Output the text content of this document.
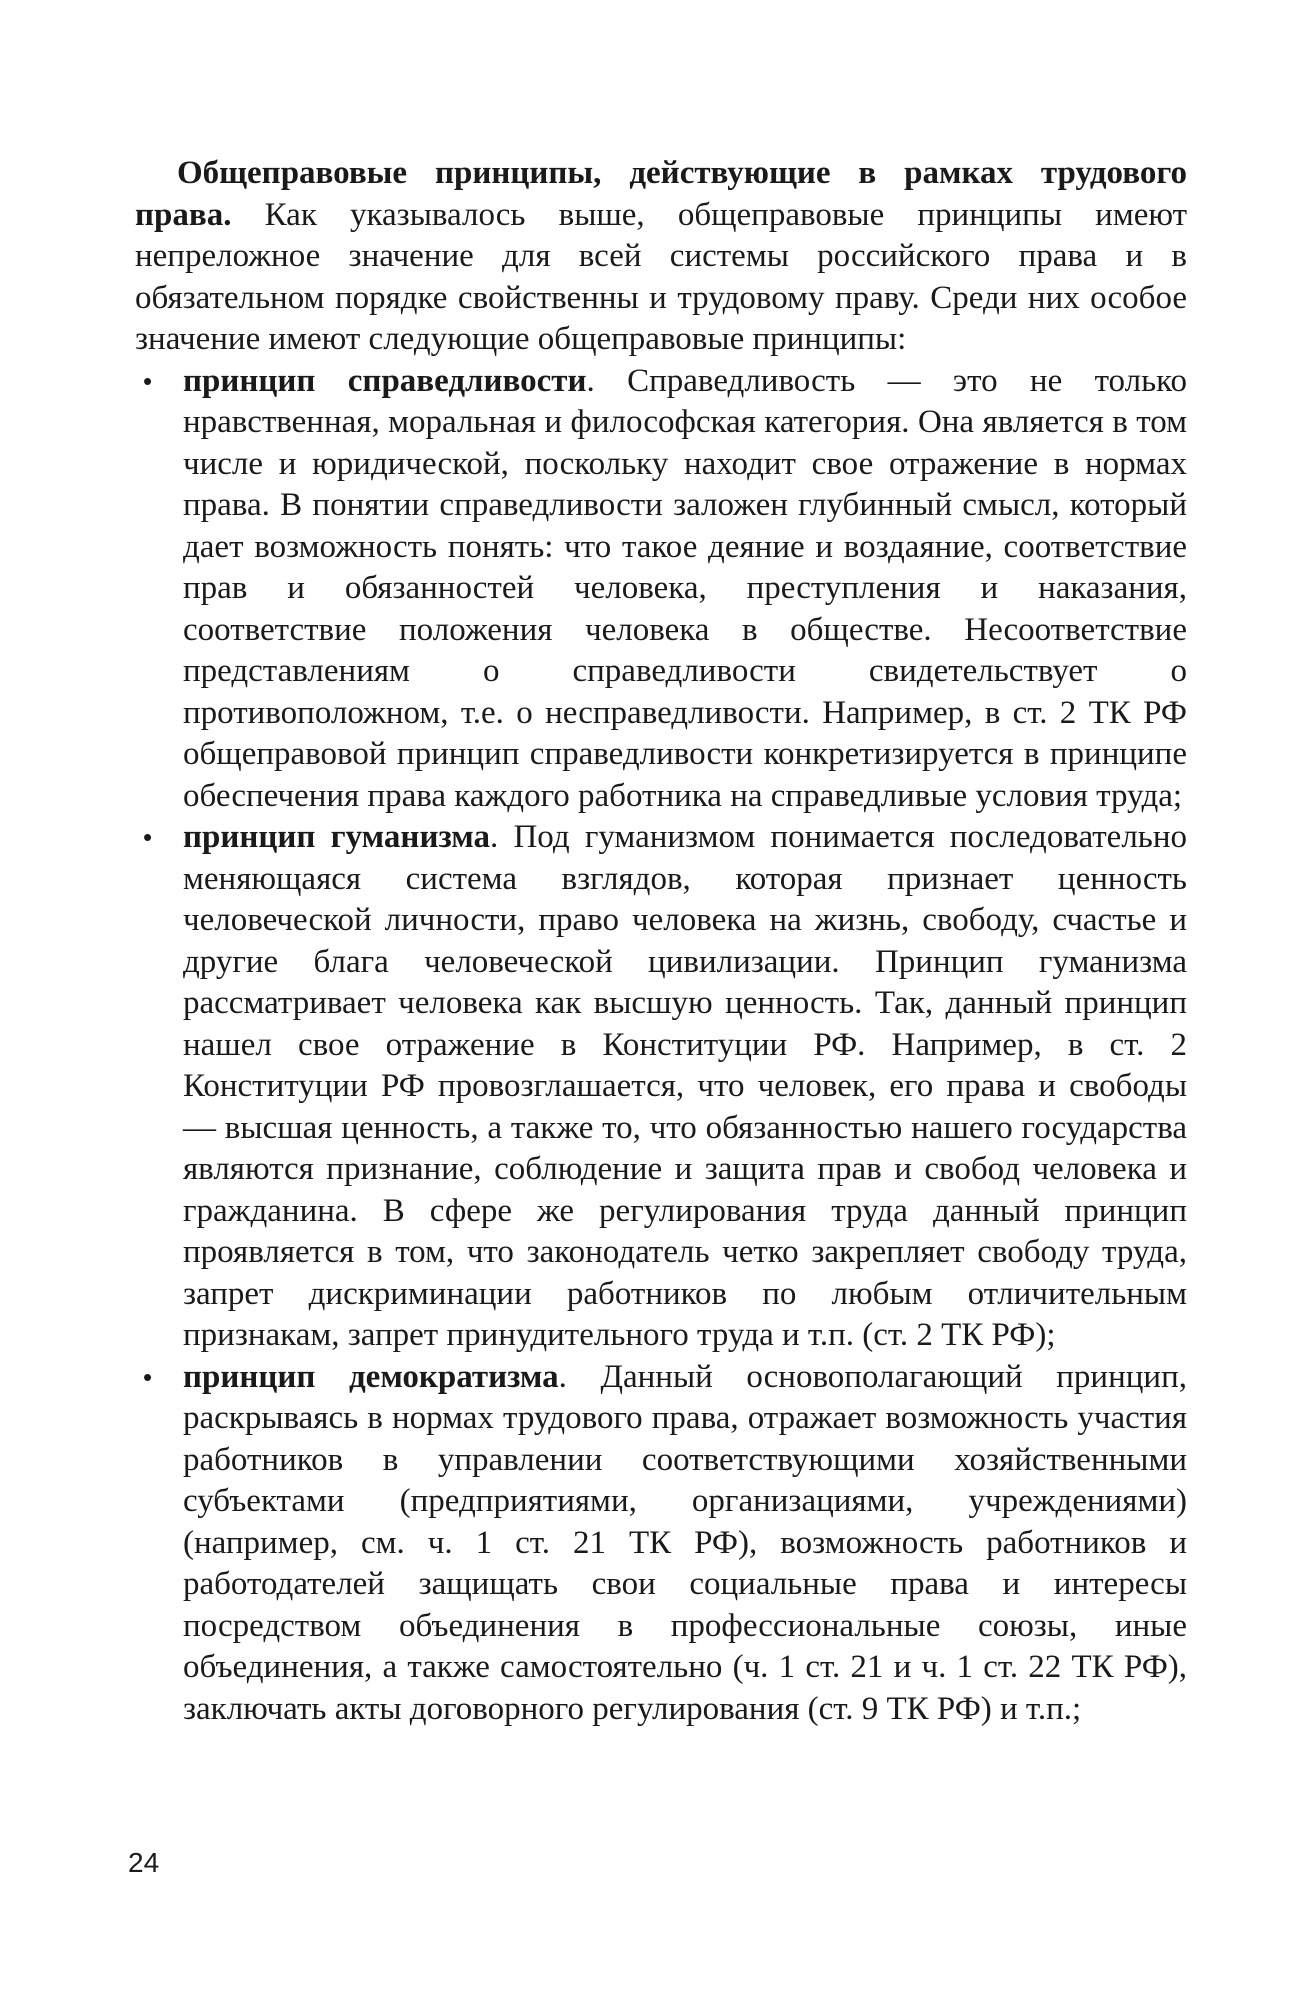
Общеправовые принципы, действующие в рамках трудового права. Как указывалось выше, общеправовые принципы имеют непреложное значение для всей системы российского права и в обязательном порядке свойственны и трудовому праву. Среди них особое значение имеют следующие общеправовые принципы:

• принцип справедливости. Справедливость — это не только нравственная, моральная и философская категория. Она является в том числе и юридической, поскольку находит свое отражение в нормах права. В понятии справедливости заложен глубинный смысл, который дает возможность понять: что такое деяние и воздаяние, соответствие прав и обязанностей человека, преступления и наказания, соответствие положения человека в обществе. Несоответствие представлениям о справедливости свидетельствует о противоположном, т.е. о несправедливости. Например, в ст. 2 ТК РФ общеправовой принцип справедливости конкретизируется в принципе обеспечения права каждого работника на справедливые условия труда;
• принцип гуманизма. Под гуманизмом понимается последовательно меняющаяся система взглядов, которая признает ценность человеческой личности, право человека на жизнь, свободу, счастье и другие блага человеческой цивилизации. Принцип гуманизма рассматривает человека как высшую ценность. Так, данный принцип нашел свое отражение в Конституции РФ. Например, в ст. 2 Конституции РФ провозглашается, что человек, его права и свободы — высшая ценность, а также то, что обязанностью нашего государства являются признание, соблюдение и защита прав и свобод человека и гражданина. В сфере же регулирования труда данный принцип проявляется в том, что законодатель четко закрепляет свободу труда, запрет дискриминации работников по любым отличительным признакам, запрет принудительного труда и т.п. (ст. 2 ТК РФ);
• принцип демократизма. Данный основополагающий принцип, раскрываясь в нормах трудового права, отражает возможность участия работников в управлении соответствующими хозяйственными субъектами (предприятиями, организациями, учреждениями) (например, см. ч. 1 ст. 21 ТК РФ), возможность работников и работодателей защищать свои социальные права и интересы посредством объединения в профессиональные союзы, иные объединения, а также самостоятельно (ч. 1 ст. 21 и ч. 1 ст. 22 ТК РФ), заключать акты договорного регулирования (ст. 9 ТК РФ) и т.п.;
24
